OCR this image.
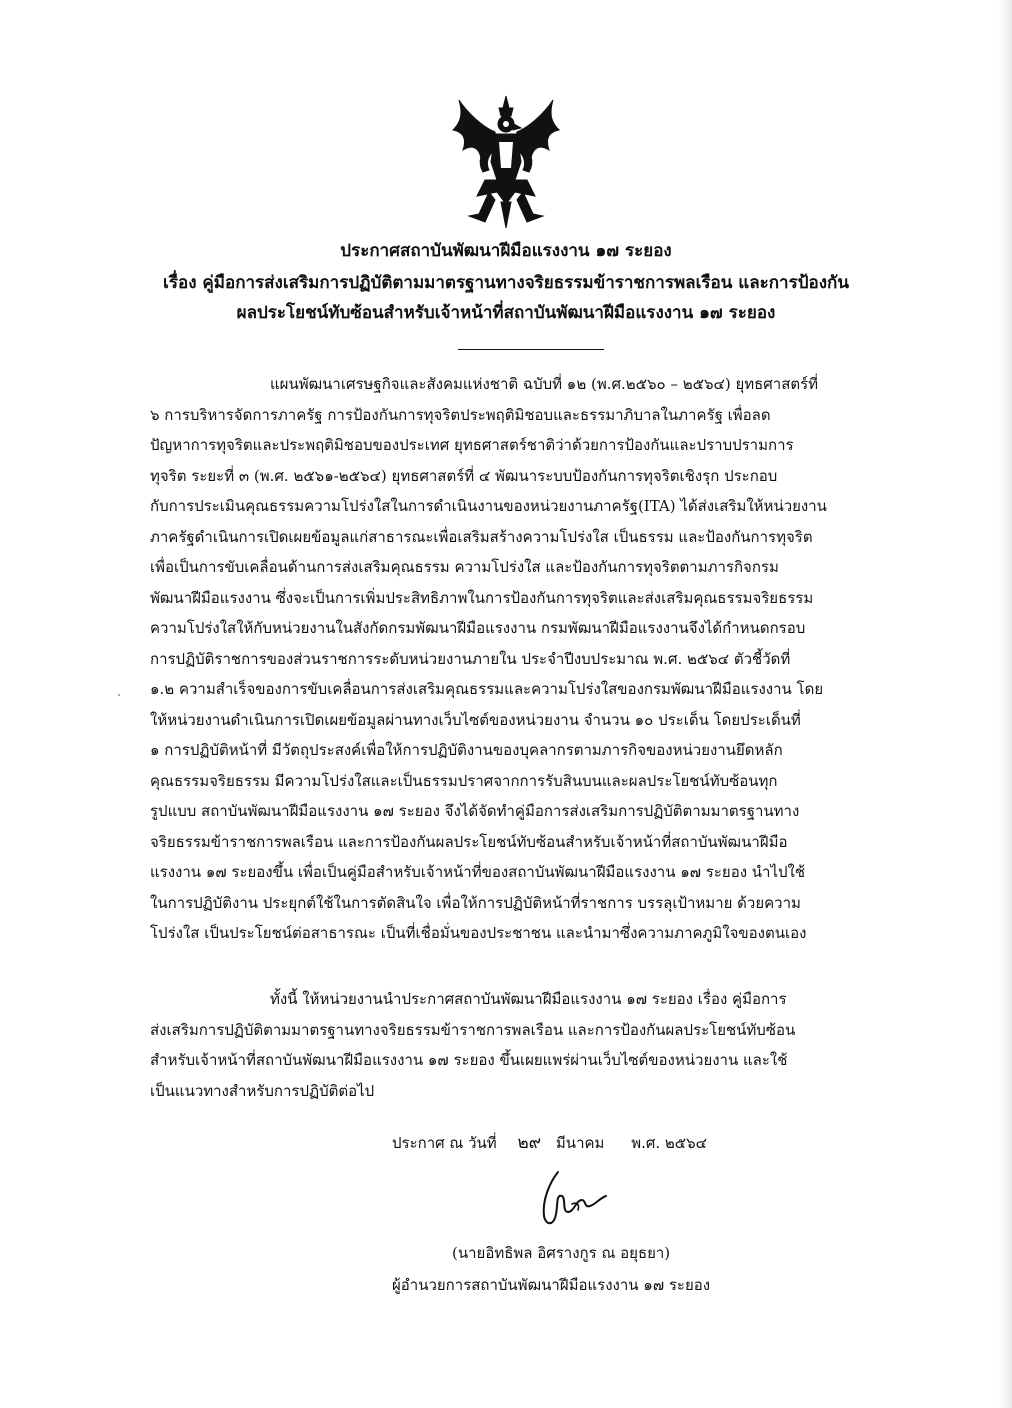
ประกาศสถาบันพัฒนาฝีมือแรงงาน ๑๗ ระยอง
เรื่อง คู่มือการส่งเสริมการปฏิบัติตามมาตรฐานทางจริยธรรมข้าราชการพลเรือน และการป้องกัน
ผลประโยชน์ทับซ้อนสำหรับเจ้าหน้าที่สถาบันพัฒนาฝีมือแรงงาน ๑๗ ระยอง
แผนพัฒนาเศรษฐกิจและสังคมแห่งชาติ ฉบับที่ ๑๒ (พ.ศ.๒๕๖๐ – ๒๕๖๔) ยุทธศาสตร์ที่
๖ การบริหารจัดการภาครัฐ การป้องกันการทุจริตประพฤติมิชอบและธรรมาภิบาลในภาครัฐ เพื่อลด
ปัญหาการทุจริตและประพฤติมิชอบของประเทศ ยุทธศาสตร์ชาติว่าด้วยการป้องกันและปราบปรามการ
ทุจริต ระยะที่ ๓ (พ.ศ. ๒๕๖๑-๒๕๖๔) ยุทธศาสตร์ที่ ๔ พัฒนาระบบป้องกันการทุจริตเชิงรุก ประกอบ
กับการประเมินคุณธรรมความโปร่งใสในการดำเนินงานของหน่วยงานภาครัฐ(ITA) ได้ส่งเสริมให้หน่วยงาน
ภาครัฐดำเนินการเปิดเผยข้อมูลแก่สาธารณะเพื่อเสริมสร้างความโปร่งใส เป็นธรรม และป้องกันการทุจริต
เพื่อเป็นการขับเคลื่อนด้านการส่งเสริมคุณธรรม ความโปร่งใส และป้องกันการทุจริตตามภารกิจกรม
พัฒนาฝีมือแรงงาน ซึ่งจะเป็นการเพิ่มประสิทธิภาพในการป้องกันการทุจริตและส่งเสริมคุณธรรมจริยธรรม
ความโปร่งใสให้กับหน่วยงานในสังกัดกรมพัฒนาฝีมือแรงงาน กรมพัฒนาฝีมือแรงงานจึงได้กำหนดกรอบ
การปฏิบัติราชการของส่วนราชการระดับหน่วยงานภายใน ประจำปีงบประมาณ พ.ศ. ๒๕๖๔ ตัวชี้วัดที่
๑.๒ ความสำเร็จของการขับเคลื่อนการส่งเสริมคุณธรรมและความโปร่งใสของกรมพัฒนาฝีมือแรงงาน โดย
ให้หน่วยงานดำเนินการเปิดเผยข้อมูลผ่านทางเว็บไซต์ของหน่วยงาน จำนวน ๑๐ ประเด็น โดยประเด็นที่
๑ การปฏิบัติหน้าที่ มีวัตถุประสงค์เพื่อให้การปฏิบัติงานของบุคลากรตามภารกิจของหน่วยงานยึดหลัก
คุณธรรมจริยธรรม มีความโปร่งใสและเป็นธรรมปราศจากการรับสินบนและผลประโยชน์ทับซ้อนทุก
รูปแบบ สถาบันพัฒนาฝีมือแรงงาน ๑๗ ระยอง จึงได้จัดทำคู่มือการส่งเสริมการปฏิบัติตามมาตรฐานทาง
จริยธรรมข้าราชการพลเรือน และการป้องกันผลประโยชน์ทับซ้อนสำหรับเจ้าหน้าที่สถาบันพัฒนาฝีมือ
แรงงาน ๑๗ ระยองขึ้น เพื่อเป็นคู่มือสำหรับเจ้าหน้าที่ของสถาบันพัฒนาฝีมือแรงงาน ๑๗ ระยอง นำไปใช้
ในการปฏิบัติงาน ประยุกต์ใช้ในการตัดสินใจ เพื่อให้การปฏิบัติหน้าที่ราชการ บรรลุเป้าหมาย ด้วยความ
โปร่งใส เป็นประโยชน์ต่อสาธารณะ เป็นที่เชื่อมั่นของประชาชน และนำมาซึ่งความภาคภูมิใจของตนเอง
ทั้งนี้ ให้หน่วยงานนำประกาศสถาบันพัฒนาฝีมือแรงงาน ๑๗ ระยอง เรื่อง คู่มือการ
ส่งเสริมการปฏิบัติตามมาตรฐานทางจริยธรรมข้าราชการพลเรือน และการป้องกันผลประโยชน์ทับซ้อน
สำหรับเจ้าหน้าที่สถาบันพัฒนาฝีมือแรงงาน ๑๗ ระยอง ขึ้นเผยแพร่ผ่านเว็บไซต์ของหน่วยงาน และใช้
เป็นแนวทางสำหรับการปฏิบัติต่อไป
ประกาศ ณ วันที่ ๒๙ มีนาคม พ.ศ. ๒๕๖๔
(นายอิทธิพล อิศรางกูร ณ อยุธยา)
ผู้อำนวยการสถาบันพัฒนาฝีมือแรงงาน ๑๗ ระยอง
